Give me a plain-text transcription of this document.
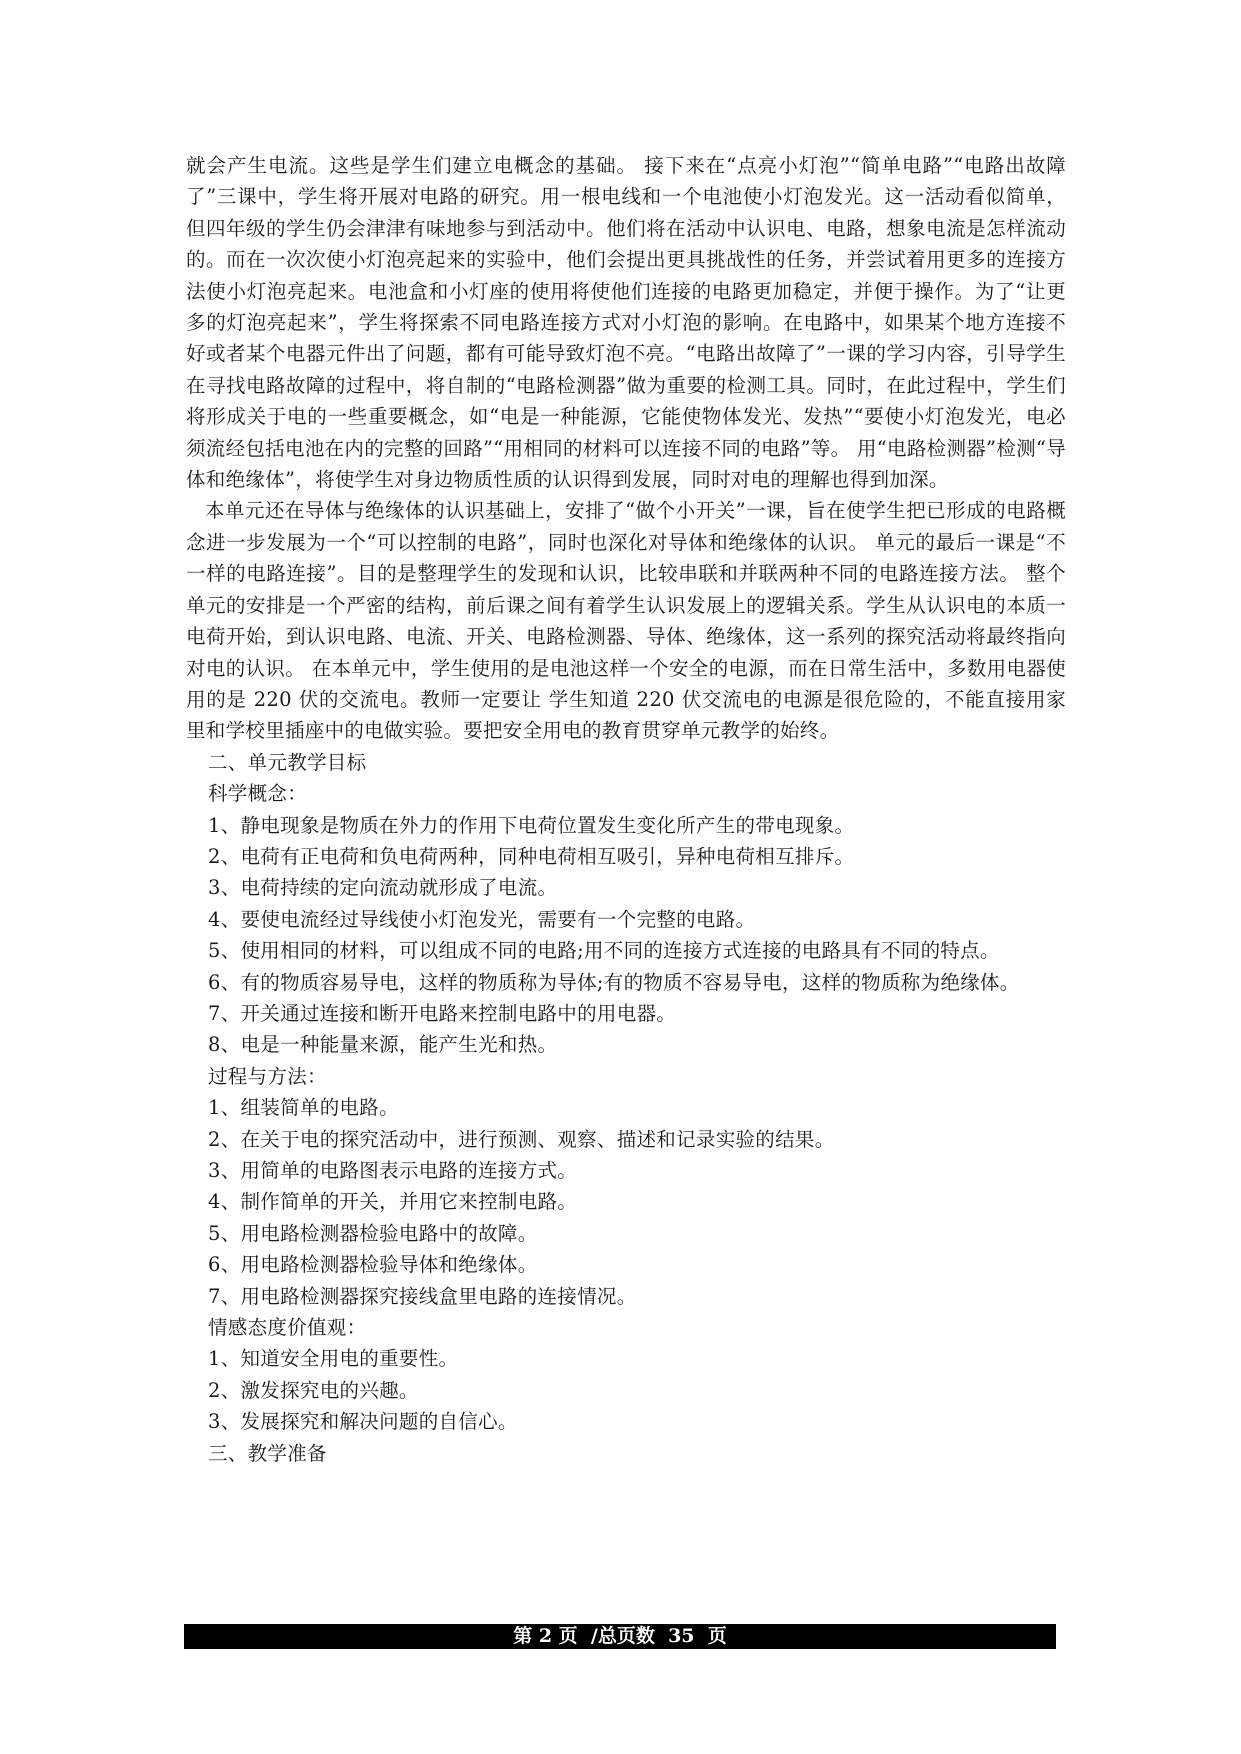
就会产生电流。这些是学生们建立电概念的基础。 接下来在“点亮小灯泡”“简单电路”“电路出故障了”三课中，学生将开展对电路的研究。用一根电线和一个电池使小灯泡发光。这一活动看似简单，但四年级的学生仍会津津有味地参与到活动中。他们将在活动中认识电、电路，想象电流是怎样流动的。而在一次次使小灯泡亮起来的实验中，他们会提出更具挑战性的任务，并尝试着用更多的连接方法使小灯泡亮起来。电池盒和小灯座的使用将使他们连接的电路更加稳定，并便于操作。为了“让更多的灯泡亮起来”，学生将探索不同电路连接方式对小灯泡的影响。在电路中，如果某个地方连接不好或者某个电器元件出了问题，都有可能导致灯泡不亮。“电路出故障了”一课的学习内容，引导学生在寻找电路故障的过程中，将自制的“电路检测器”做为重要的检测工具。同时，在此过程中，学生们将形成关于电的一些重要概念，如“电是一种能源，它能使物体发光、发热”“要使小灯泡发光，电必须流经包括电池在内的完整的回路”“用相同的材料可以连接不同的电路”等。 用“电路检测器”检测“导体和绝缘体”，将使学生对身边物质性质的认识得到发展，同时对电的理解也得到加深。

本单元还在导体与绝缘体的认识基础上，安排了“做个小开关”一课，旨在使学生把已形成的电路概念进一步发展为一个“可以控制的电路”，同时也深化对导体和绝缘体的认识。 单元的最后一课是“不一样的电路连接”。目的是整理学生的发现和认识，比较串联和并联两种不同的电路连接方法。 整个单元的安排是一个严密的结构，前后课之间有着学生认识发展上的逻辑关系。学生从认识电的本质一电荷开始，到认识电路、电流、开关、电路检测器、导体、绝缘体，这一系列的探究活动将最终指向对电的认识。 在本单元中，学生使用的是电池这样一个安全的电源，而在日常生活中，多数用电器使用的是 220 伏的交流电。教师一定要让 学生知道 220 伏交流电的电源是很危险的，不能直接用家里和学校里插座中的电做实验。要把安全用电的教育贯穿单元教学的始终。

二、单元教学目标

科学概念：

1、静电现象是物质在外力的作用下电荷位置发生变化所产生的带电现象。

2、电荷有正电荷和负电荷两种，同种电荷相互吸引，异种电荷相互排斥。

3、电荷持续的定向流动就形成了电流。

4、要使电流经过导线使小灯泡发光，需要有一个完整的电路。

5、使用相同的材料，可以组成不同的电路;用不同的连接方式连接的电路具有不同的特点。

6、有的物质容易导电，这样的物质称为导体;有的物质不容易导电，这样的物质称为绝缘体。

7、开关通过连接和断开电路来控制电路中的用电器。

8、电是一种能量来源，能产生光和热。

过程与方法：

1、组装简单的电路。

2、在关于电的探究活动中，进行预测、观察、描述和记录实验的结果。

3、用简单的电路图表示电路的连接方式。

4、制作简单的开关，并用它来控制电路。

5、用电路检测器检验电路中的故障。

6、用电路检测器检验导体和绝缘体。

7、用电路检测器探究接线盒里电路的连接情况。

情感态度价值观：

1、知道安全用电的重要性。

2、激发探究电的兴趣。

3、发展探究和解决问题的自信心。

三、教学准备

第 2 页  /总页数  35  页
